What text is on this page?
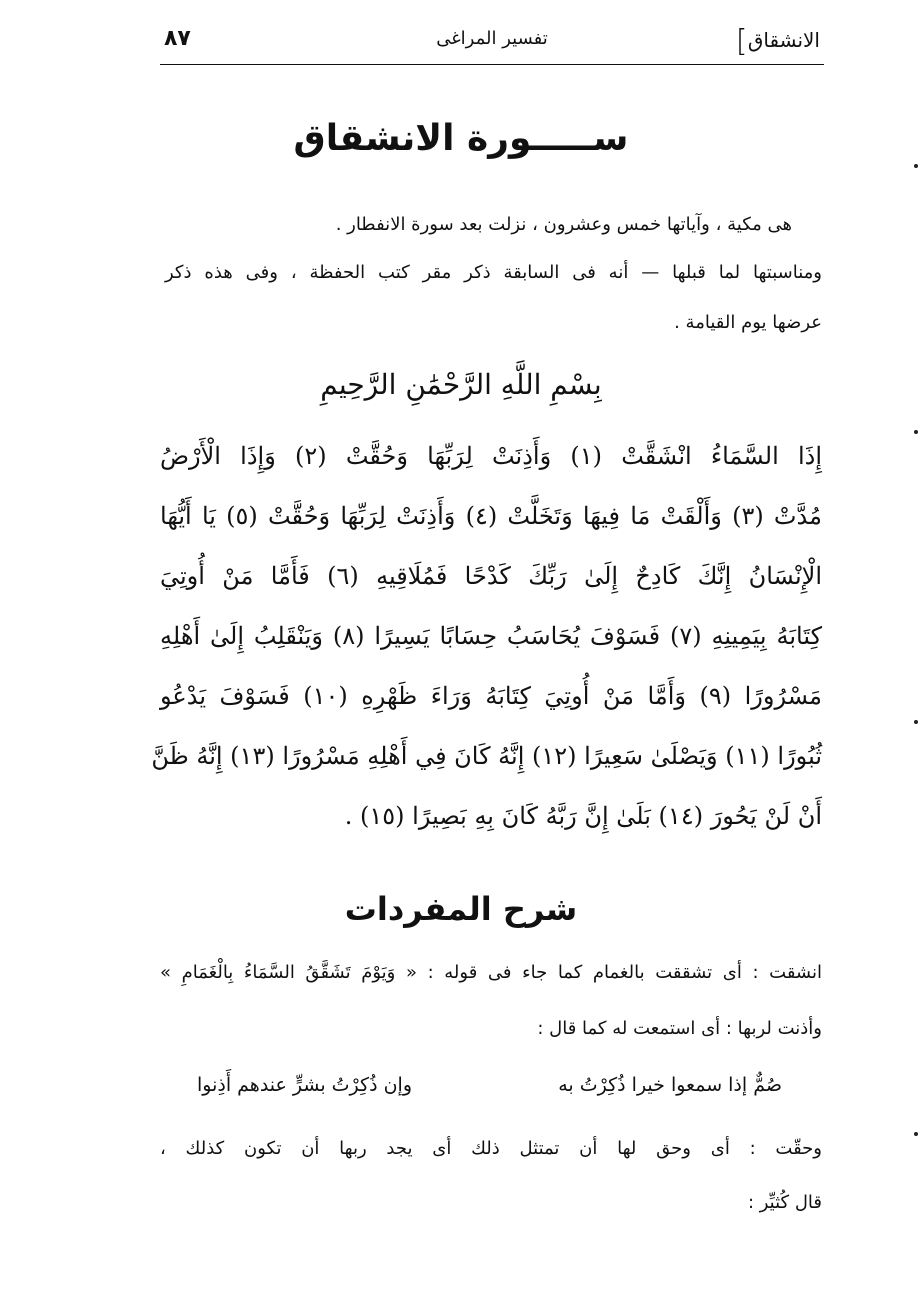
الانشقاق
]
تفسير المراغى
٨٧
ســـــورة الانشقاق
هى مكية ، وآياتها خمس وعشرون ، نزلت بعد سورة الانفطار .
ومناسبتها لما قبلها — أنه فى السابقة ذكر مقر كتب الحفظة ، وفى هذه ذكر
عرضها يوم القيامة .
بِسْمِ اللَّهِ الرَّحْمَٰنِ الرَّحِيمِ
إِذَا السَّمَاءُ انْشَقَّتْ (١) وَأَذِنَتْ لِرَبِّهَا وَحُقَّتْ (٢) وَإِذَا الْأَرْضُ
مُدَّتْ (٣) وَأَلْقَتْ مَا فِيهَا وَتَخَلَّتْ (٤) وَأَذِنَتْ لِرَبِّهَا وَحُقَّتْ (٥) يَا أَيُّهَا
الْإِنْسَانُ إِنَّكَ كَادِحٌ إِلَىٰ رَبِّكَ كَدْحًا فَمُلَاقِيهِ (٦) فَأَمَّا مَنْ أُوتِيَ
كِتَابَهُ بِيَمِينِهِ (٧) فَسَوْفَ يُحَاسَبُ حِسَابًا يَسِيرًا (٨) وَيَنْقَلِبُ إِلَىٰ أَهْلِهِ
مَسْرُورًا (٩) وَأَمَّا مَنْ أُوتِيَ كِتَابَهُ وَرَاءَ ظَهْرِهِ (١٠) فَسَوْفَ يَدْعُو
ثُبُورًا (١١) وَيَصْلَىٰ سَعِيرًا (١٢) إِنَّهُ كَانَ فِي أَهْلِهِ مَسْرُورًا (١٣) إِنَّهُ ظَنَّ
أَنْ لَنْ يَحُورَ (١٤) بَلَىٰ إِنَّ رَبَّهُ كَانَ بِهِ بَصِيرًا (١٥) .
شرح المفردات
انشقت : أى تشققت بالغمام كما جاء فى قوله : « وَيَوْمَ تَشَقَّقُ السَّمَاءُ بِالْغَمَامِ »
وأذنت لربها : أى استمعت له كما قال :
صُمٌّ إذا سمعوا خيرا ذُكِرْتُ به
وإن ذُكِرْتُ بشرٍّ عندهم أَذِنوا
وحقّت : أى وحق لها أن تمتثل ذلك أى يجد ربها أن تكون كذلك ،
قال كُثيِّر :
